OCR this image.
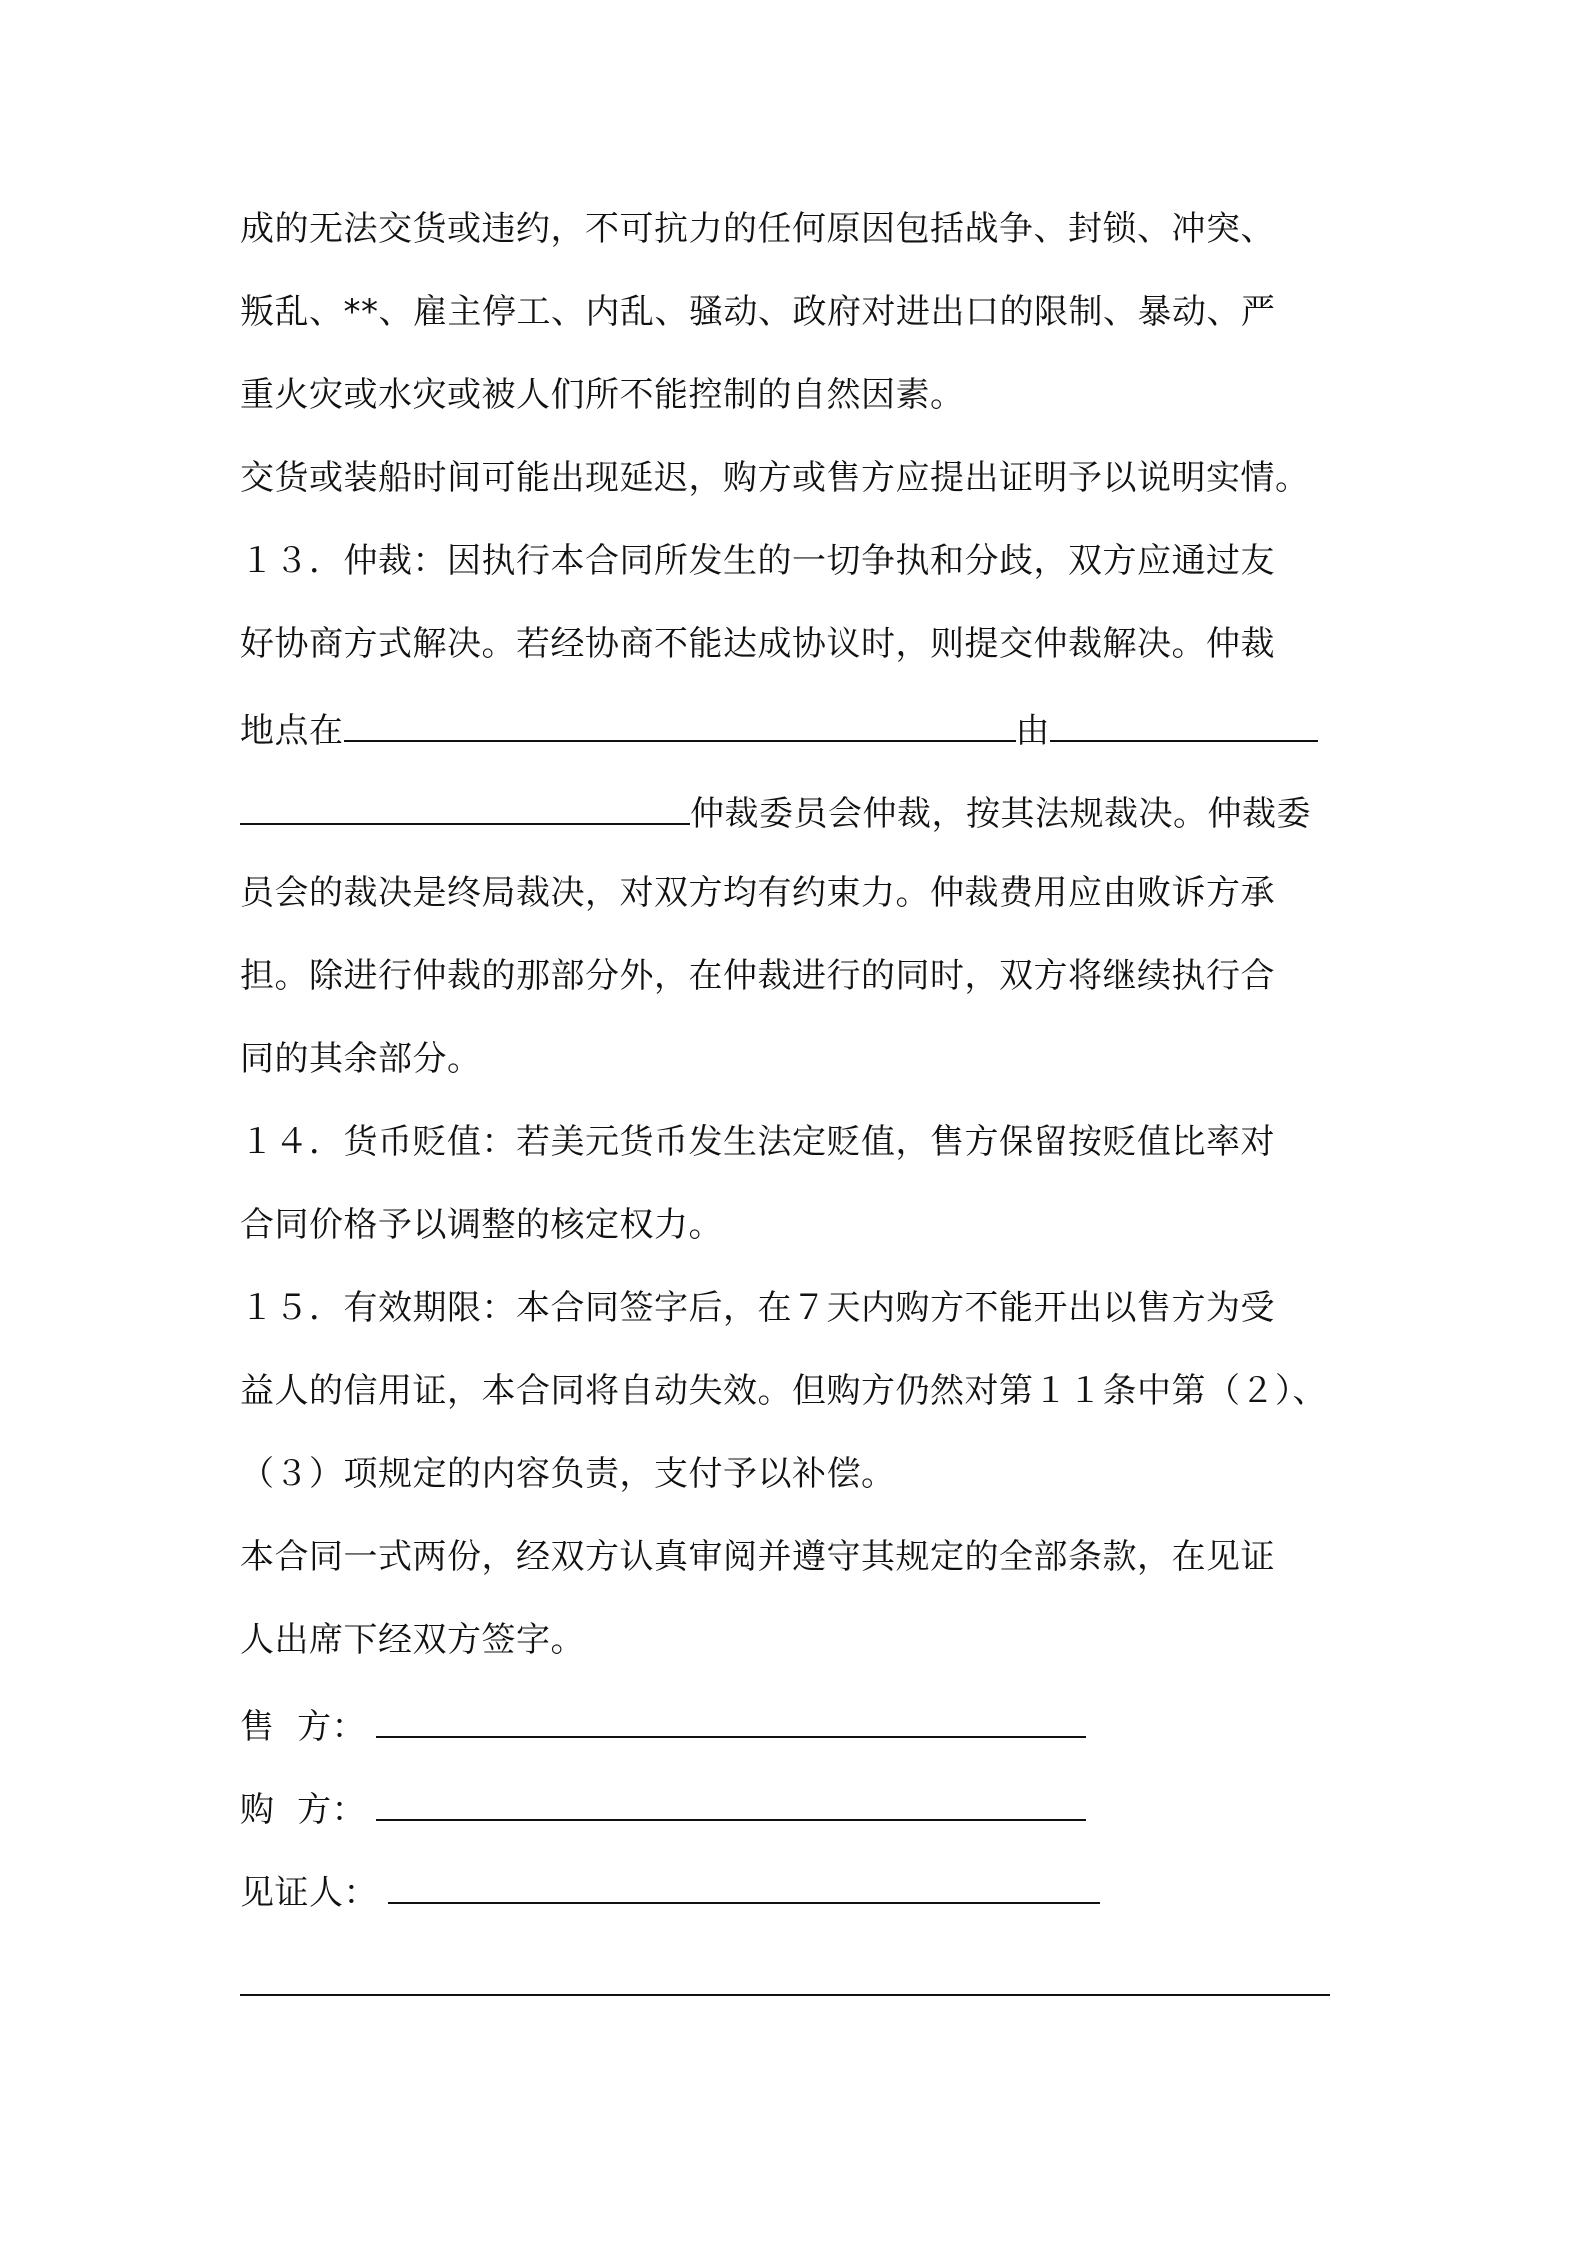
成的无法交货或违约，不可抗力的任何原因包括战争、封锁、冲突、
叛乱、**、雇主停工、内乱、骚动、政府对进出口的限制、暴动、严
重火灾或水灾或被人们所不能控制的自然因素。
交货或装船时间可能出现延迟，购方或售方应提出证明予以说明实情。
１３．仲裁：因执行本合同所发生的一切争执和分歧，双方应通过友
好协商方式解决。若经协商不能达成协议时，则提交仲裁解决。仲裁
地点在	由
仲裁委员会仲裁，按其法规裁决。仲裁委
员会的裁决是终局裁决，对双方均有约束力。仲裁费用应由败诉方承
担。除进行仲裁的那部分外，在仲裁进行的同时，双方将继续执行合
同的其余部分。
１４．货币贬值：若美元货币发生法定贬值，售方保留按贬值比率对
合同价格予以调整的核定权力。
１５．有效期限：本合同签字后，在７天内购方不能开出以售方为受
益人的信用证，本合同将自动失效。但购方仍然对第１１条中第（２）、
（３）项规定的内容负责，支付予以补偿。
本合同一式两份，经双方认真审阅并遵守其规定的全部条款，在见证
人出席下经双方签字。
售  方：
购  方：
见证人：
